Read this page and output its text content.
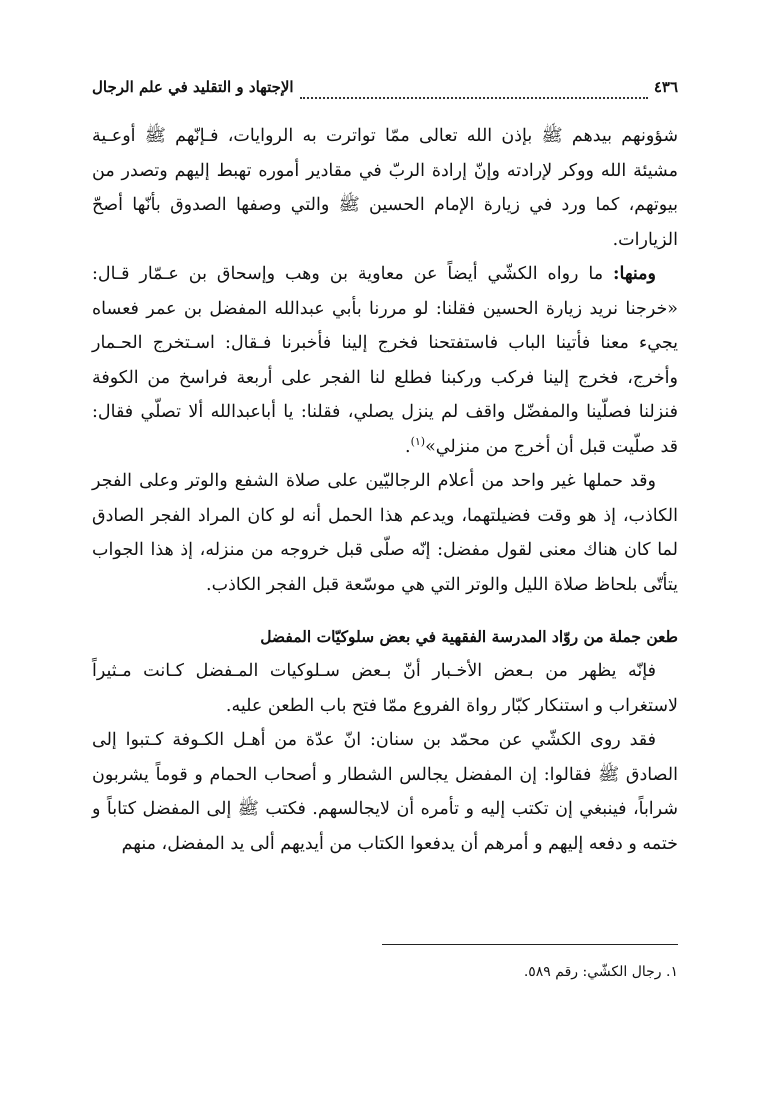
٤٣٦
الإجتهاد و التقليد في علم الرجال

شؤونهم بيدهم ﷺ بإذن الله تعالى ممّا تواترت به الروايات، فـإنّهم ﷺ أوعـية مشيئة الله ووكر لإرادته وإنّ إرادة الربّ في مقادير أموره تهبط إليهم وتصدر من بيوتهم، كما ورد في زيارة الإمام الحسين ﷺ والتي وصفها الصدوق بأنّها أصحّ الزيارات.

ومنها: ما رواه الكشّي أيضاً عن معاوية بن وهب وإسحاق بن عـمّار قـال: «خرجنا نريد زيارة الحسين فقلنا: لو مررنا بأبي عبدالله المفضل بن عمر فعساه يجيء معنا فأتينا الباب فاستفتحنا فخرج إلينا فأخبرنا فـقال: اسـتخرج الحـمار وأخرج، فخرج إلينا فركب وركبنا فطلع لنا الفجر على أربعة فراسخ من الكوفة فنزلنا فصلّينا والمفضّل واقف لم ينزل يصلي، فقلنا: يا أباعبدالله ألا تصلّي فقال: قد صلّيت قبل أن أخرج من منزلي»$^{(١)}$.

وقد حملها غير واحد من أعلام الرجاليّين على صلاة الشفع والوتر وعلى الفجر الكاذب، إذ هو وقت فضيلتهما، ويدعم هذا الحمل أنه لو كان المراد الفجر الصادق لما كان هناك معنى لقول مفضل: إنّه صلّى قبل خروجه من منزله، إذ هذا الجواب يتأتّى بلحاظ صلاة الليل والوتر التي هي موسّعة قبل الفجر الكاذب.

طعن جملة من روّاد المدرسة الفقهية في بعض سلوكيّات المفضل

فإنّه يظهر من بـعض الأخـبار أنّ بـعض سـلوكيات المـفضل كـانت مـثيراً لاستغراب و استنكار كبّار رواة الفروع ممّا فتح باب الطعن عليه.

فقد روى الكشّي عن محمّد بن سنان: انّ عدّة من أهـل الكـوفة كـتبوا إلى الصادق ﷺ فقالوا: إن المفضل يجالس الشطار و أصحاب الحمام و قوماً يشربون شراباً، فينبغي إن تكتب إليه و تأمره أن لايجالسهم. فكتب ﷺ إلى المفضل كتاباً و ختمه و دفعه إليهم و أمرهم أن يدفعوا الكتاب من أيديهم ألى يد المفضل، منهم

١. رجال الكشّي: رقم ٥٨٩.
